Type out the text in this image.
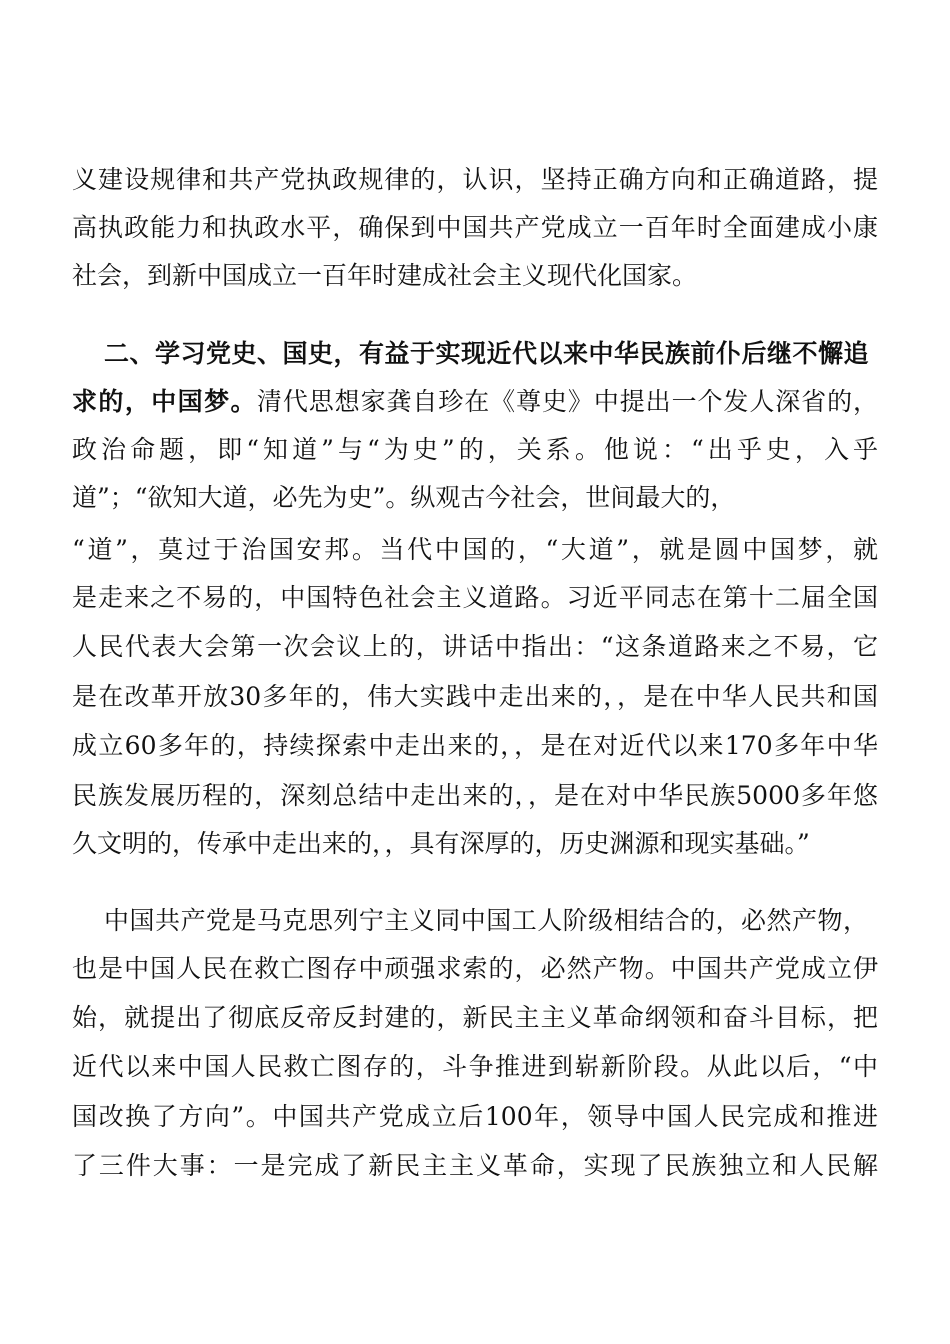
义建设规律和共产党执政规律的，认识，坚持正确方向和正确道路，提
高执政能力和执政水平，确保到中国共产党成立一百年时全面建成小康
社会，到新中国成立一百年时建成社会主义现代化国家。
二、学习党史、国史，有益于实现近代以来中华民族前仆后继不懈追
求的，中国梦。清代思想家龚自珍在《尊史》中提出一个发人深省的，
政治命题，即“知道”与“为史”的，关系。他说：“出乎史，入乎
道”；“欲知大道，必先为史”。纵观古今社会，世间最大的，
“道”，莫过于治国安邦。当代中国的，“大道”，就是圆中国梦，就
是走来之不易的，中国特色社会主义道路。习近平同志在第十二届全国
人民代表大会第一次会议上的，讲话中指出：“这条道路来之不易，它
是在改革开放30多年的，伟大实践中走出来的，，是在中华人民共和国
成立60多年的，持续探索中走出来的，，是在对近代以来170多年中华
民族发展历程的，深刻总结中走出来的，，是在对中华民族5000多年悠
久文明的，传承中走出来的，，具有深厚的，历史渊源和现实基础。”
中国共产党是马克思列宁主义同中国工人阶级相结合的，必然产物，
也是中国人民在救亡图存中顽强求索的，必然产物。中国共产党成立伊
始，就提出了彻底反帝反封建的，新民主主义革命纲领和奋斗目标，把
近代以来中国人民救亡图存的，斗争推进到崭新阶段。从此以后，“中
国改换了方向”。中国共产党成立后100年，领导中国人民完成和推进
了三件大事：一是完成了新民主主义革命，实现了民族独立和人民解
